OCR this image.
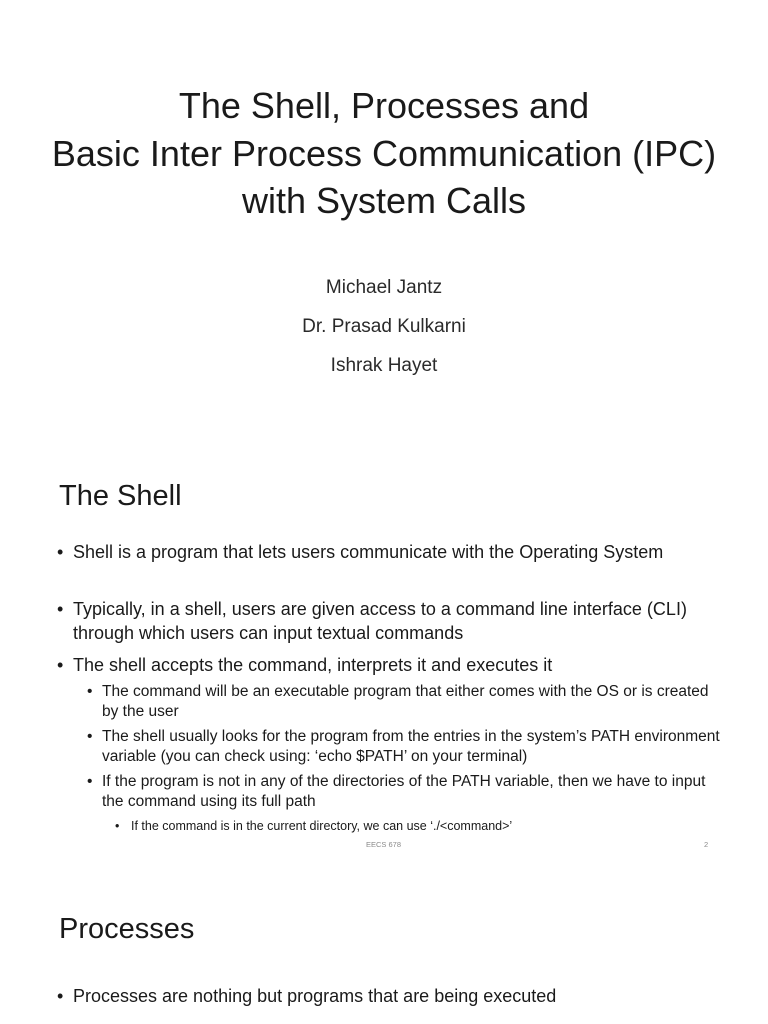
The Shell, Processes and
Basic Inter Process Communication (IPC)
with System Calls
Michael Jantz
Dr. Prasad Kulkarni
Ishrak Hayet
The Shell
• Shell is a program that lets users communicate with the Operating System
• Typically, in a shell, users are given access to a command line interface (CLI) through which users can input textual commands
• The shell accepts the command, interprets it and executes it
• The command will be an executable program that either comes with the OS or is created by the user
• The shell usually looks for the program from the entries in the system’s PATH environment variable (you can check using: ‘echo $PATH’ on your terminal)
• If the program is not in any of the directories of the PATH variable, then we have to input the command using its full path
• If the command is in the current directory, we can use ‘./<command>’
EECS 678	2
Processes
• Processes are nothing but programs that are being executed
